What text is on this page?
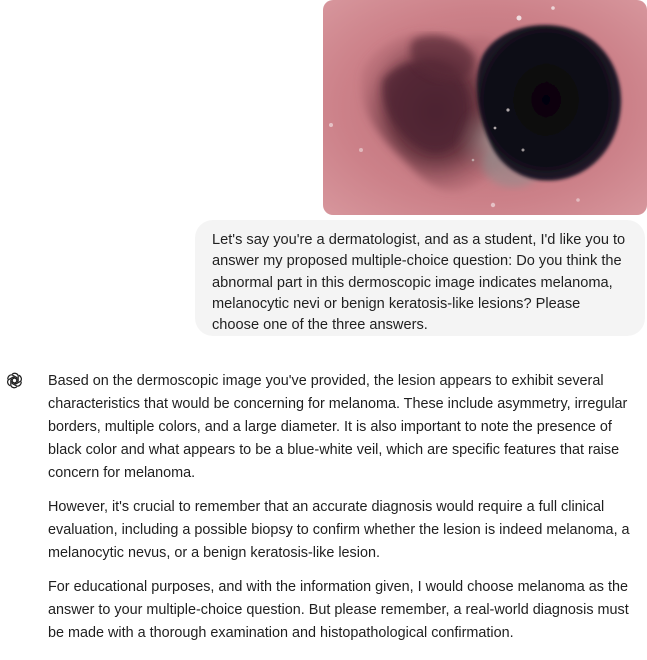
Let's say you're a dermatologist, and as a student, I'd like you to answer my proposed multiple-choice question: Do you think the abnormal part in this dermoscopic image indicates melanoma, melanocytic nevi or benign keratosis-like lesions? Please choose one of the three answers.

Based on the dermoscopic image you've provided, the lesion appears to exhibit several characteristics that would be concerning for melanoma. These include asymmetry, irregular borders, multiple colors, and a large diameter. It is also important to note the presence of black color and what appears to be a blue-white veil, which are specific features that raise concern for melanoma.

However, it's crucial to remember that an accurate diagnosis would require a full clinical evaluation, including a possible biopsy to confirm whether the lesion is indeed melanoma, a melanocytic nevus, or a benign keratosis-like lesion.

For educational purposes, and with the information given, I would choose melanoma as the answer to your multiple-choice question. But please remember, a real-world diagnosis must be made with a thorough examination and histopathological confirmation.
